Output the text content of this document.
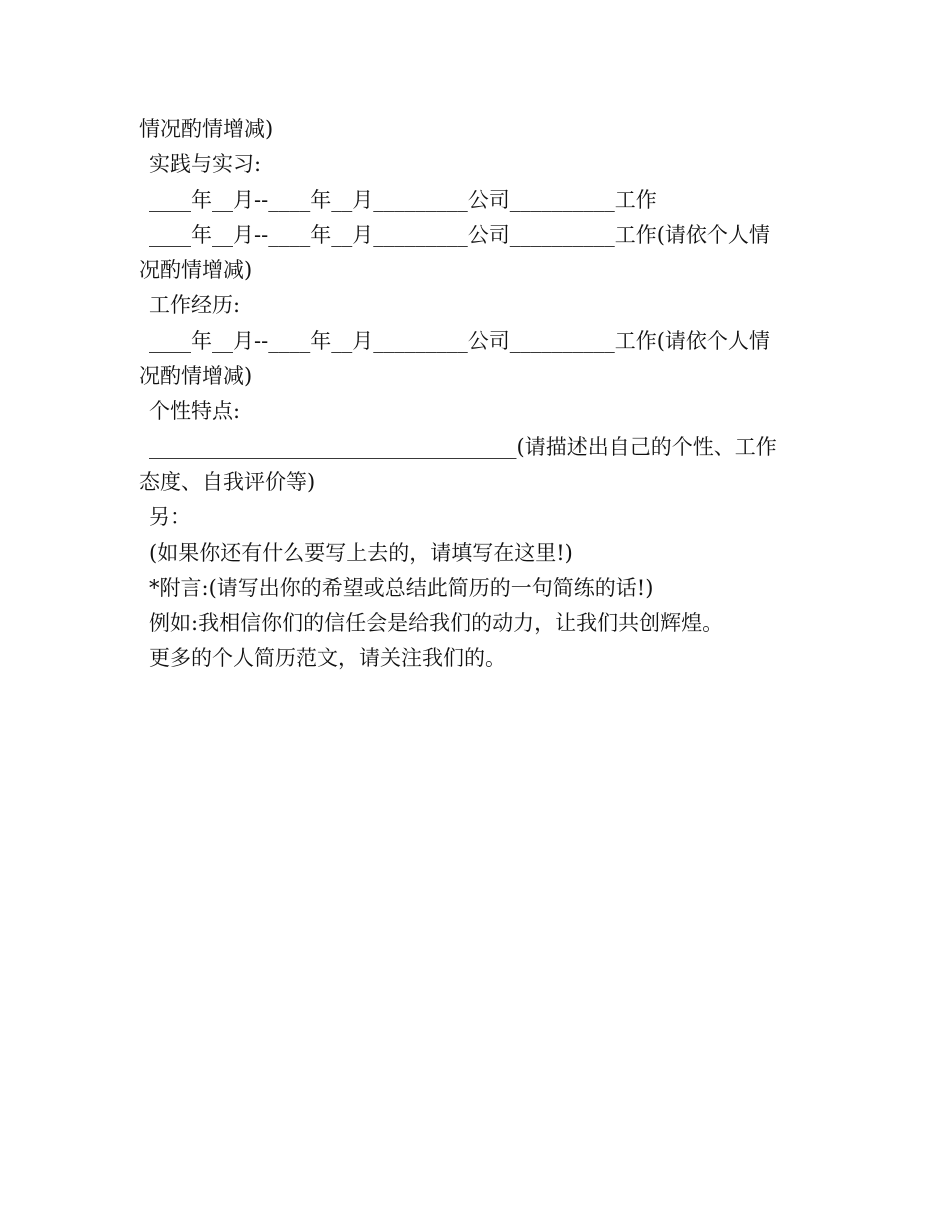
情况酌情增减)
实践与实习:
____年__月--____年__月_________公司__________工作
____年__月--____年__月_________公司__________工作(请依个人情
况酌情增减)
工作经历:
____年__月--____年__月_________公司__________工作(请依个人情
况酌情增减)
个性特点:
___________________________________(请描述出自己的个性、工作
态度、自我评价等)
另：
(如果你还有什么要写上去的，请填写在这里!)
*附言:(请写出你的希望或总结此简历的一句简练的话!)
例如:我相信你们的信任会是给我们的动力，让我们共创辉煌。
更多的个人简历范文，请关注我们的。
